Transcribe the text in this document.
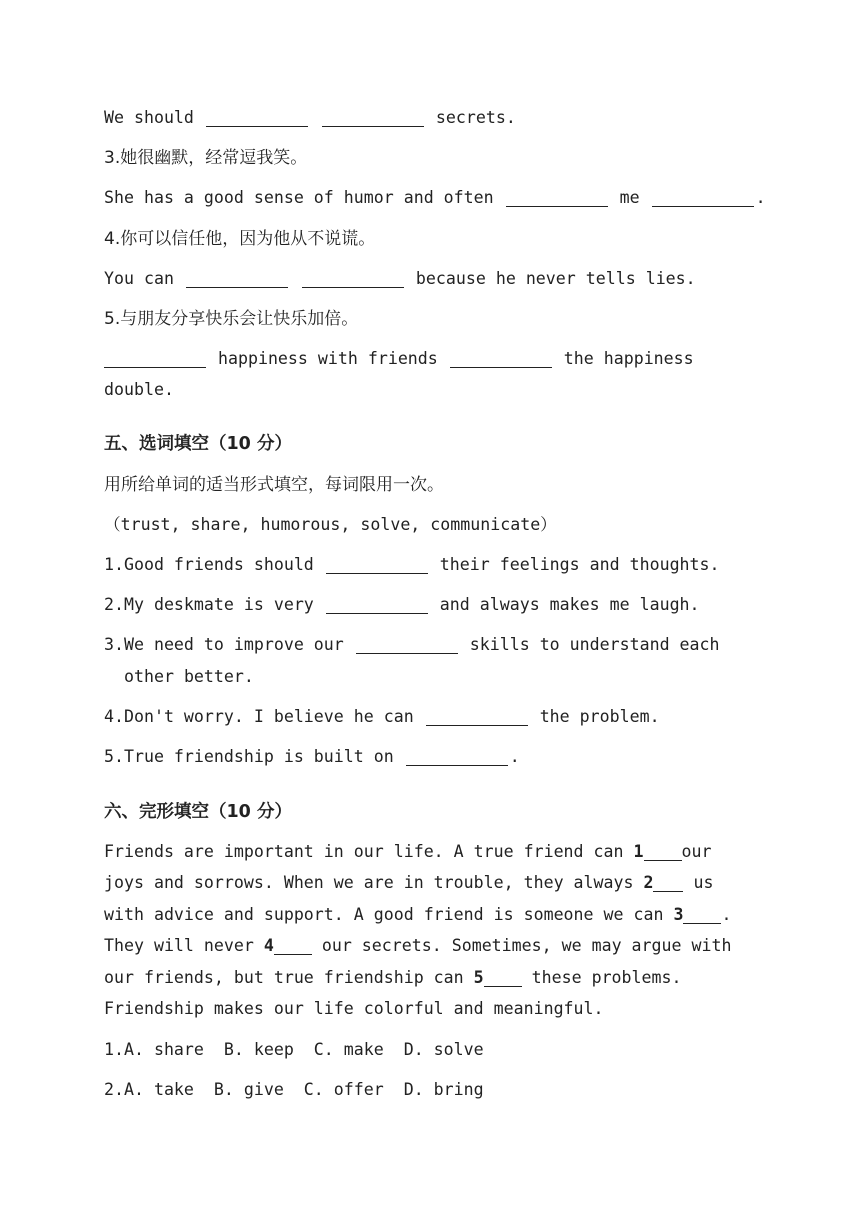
We should	secrets.
3.她很幽默，经常逗我笑。
She has a good sense of humor and often	me	.
4.你可以信任他，因为他从不说谎。
You can	because he never tells lies.
5.与朋友分享快乐会让快乐加倍。
happiness with friends	the happiness
double.
五、选词填空（10 分）
用所给单词的适当形式填空，每词限用一次。
（trust, share, humorous, solve, communicate）
1.Good friends should	their feelings and thoughts.
2.My deskmate is very	and always makes me laugh.
3.We need to improve our	skills to understand each
other better.
4.Don't worry. I believe he can	the problem.
5.True friendship is built on	.
六、完形填空（10 分）
Friends are important in our life. A true friend can 1 our
joys and sorrows. When we are in trouble, they always 2 us
with advice and support. A good friend is someone we can 3 .
They will never 4 our secrets. Sometimes, we may argue with
our friends, but true friendship can 5 these problems.
Friendship makes our life colorful and meaningful.
1.A. share  B. keep  C. make  D. solve
2.A. take  B. give  C. offer  D. bring
